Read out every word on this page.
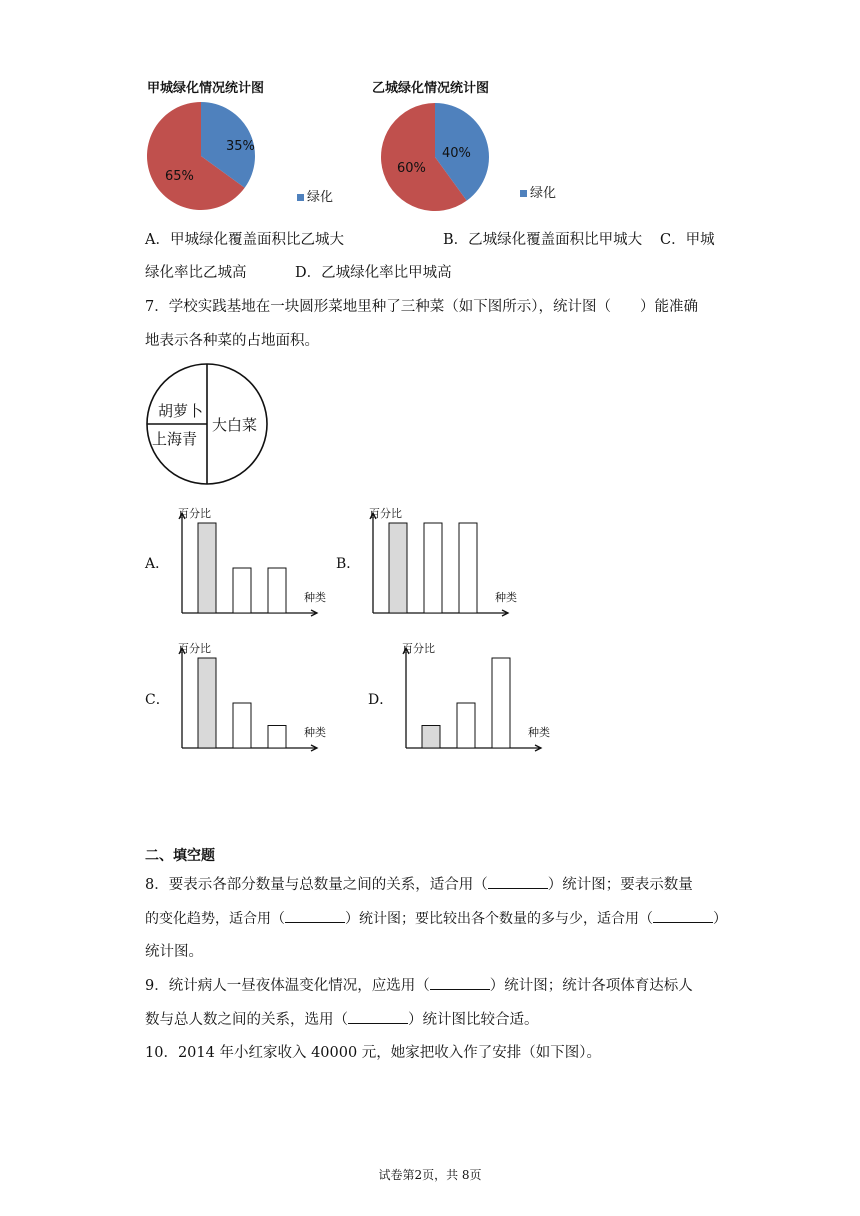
甲城绿化情况统计图
35%
65%
绿化
乙城绿化情况统计图
40%
60%
绿化
A．甲城绿化覆盖面积比乙城大	B．乙城绿化覆盖面积比甲城大 C．甲城
绿化率比乙城高	D．乙城绿化率比甲城高
7．学校实践基地在一块圆形菜地里种了三种菜（如下图所示），统计图（　　）能准确
地表示各种菜的占地面积。
胡萝卜
上海青
大白菜
A．	B．
C．	D．
百分比
种类
百分比
种类
百分比
种类
百分比
种类
二、填空题
8．要表示各部分数量与总数量之间的关系，适合用（	）统计图；要表示数量
的变化趋势，适合用（	）统计图；要比较出各个数量的多与少，适合用（	）
统计图。
9．统计病人一昼夜体温变化情况，应选用（	）统计图；统计各项体育达标人
数与总人数之间的关系，选用（	）统计图比较合适。
10．2014 年小红家收入 40000 元，她家把收入作了安排（如下图）。
试卷第2页，共 8页
